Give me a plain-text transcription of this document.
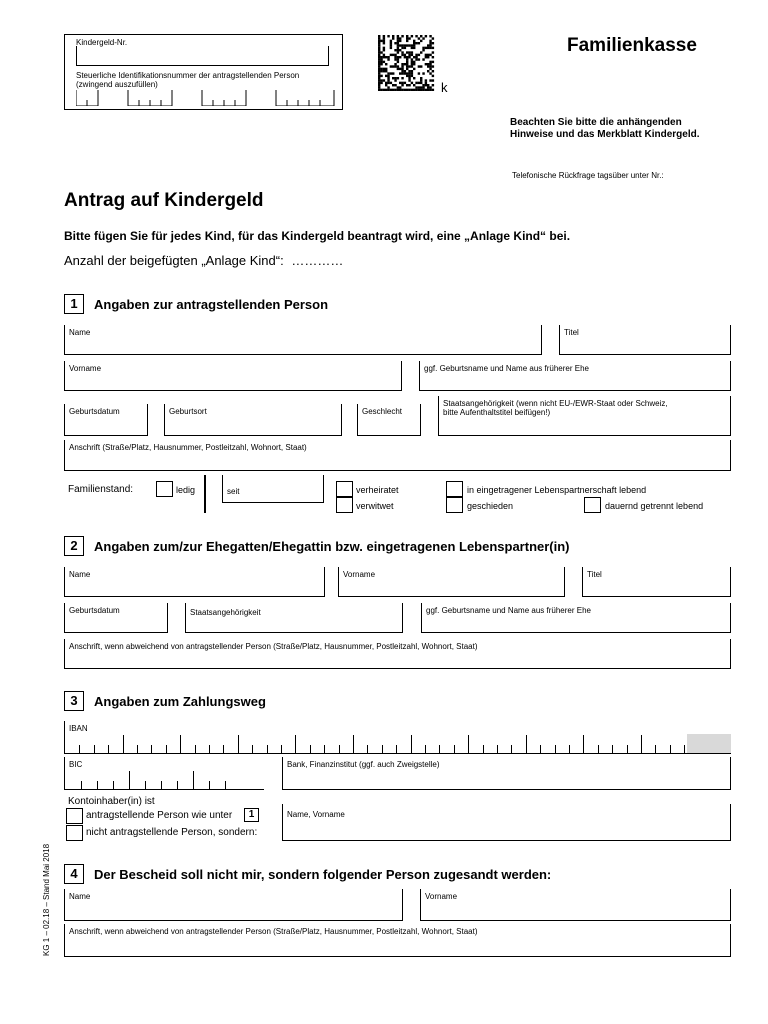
Kindergeld-Nr.
Steuerliche Identifikationsnummer der antragstellenden Person
(zwingend auszufüllen)	k
Familienkasse
Beachten Sie bitte die anhängenden
Hinweise und das Merkblatt Kindergeld.
Telefonische Rückfrage tagsüber unter Nr.:
Antrag auf Kindergeld
Bitte fügen Sie für jedes Kind, für das Kindergeld beantragt wird, eine „Anlage Kind“ bei.
Anzahl der beigefügten „Anlage Kind“: …………
1	Angaben zur antragstellenden Person
Name	Titel
Vorname	ggf. Geburtsname und Name aus früherer Ehe
Geburtsdatum	Geburtsort	Geschlecht
Staatsangehörigkeit (wenn nicht EU-/EWR-Staat oder Schweiz,
bitte Aufenthaltstitel beifügen!)
Anschrift (Straße/Platz, Hausnummer, Postleitzahl, Wohnort, Staat)
Familienstand:	ledig	seit	verheiratet
verwitwet
in eingetragener Lebenspartnerschaft lebend
geschieden	dauernd getrennt lebend
2	Angaben zum/zur Ehegatten/Ehegattin bzw. eingetragenen Lebenspartner(in)
Name	Vorname	Titel
Geburtsdatum	Staatsangehörigkeit	ggf. Geburtsname und Name aus früherer Ehe
Anschrift, wenn abweichend von antragstellender Person (Straße/Platz, Hausnummer, Postleitzahl, Wohnort, Staat)
3	Angaben zum Zahlungsweg
IBAN
BIC	Bank, Finanzinstitut (ggf. auch Zweigstelle)
Kontoinhaber(in) ist
antragstellende Person wie unter	1
nicht antragstellende Person, sondern:
Name, Vorname
4	Der Bescheid soll nicht mir, sondern folgender Person zugesandt werden:
Name	Vorname
Anschrift, wenn abweichend von antragstellender Person (Straße/Platz, Hausnummer, Postleitzahl, Wohnort, Staat)
KG 1 – 02.18 – Stand Mai 2018
